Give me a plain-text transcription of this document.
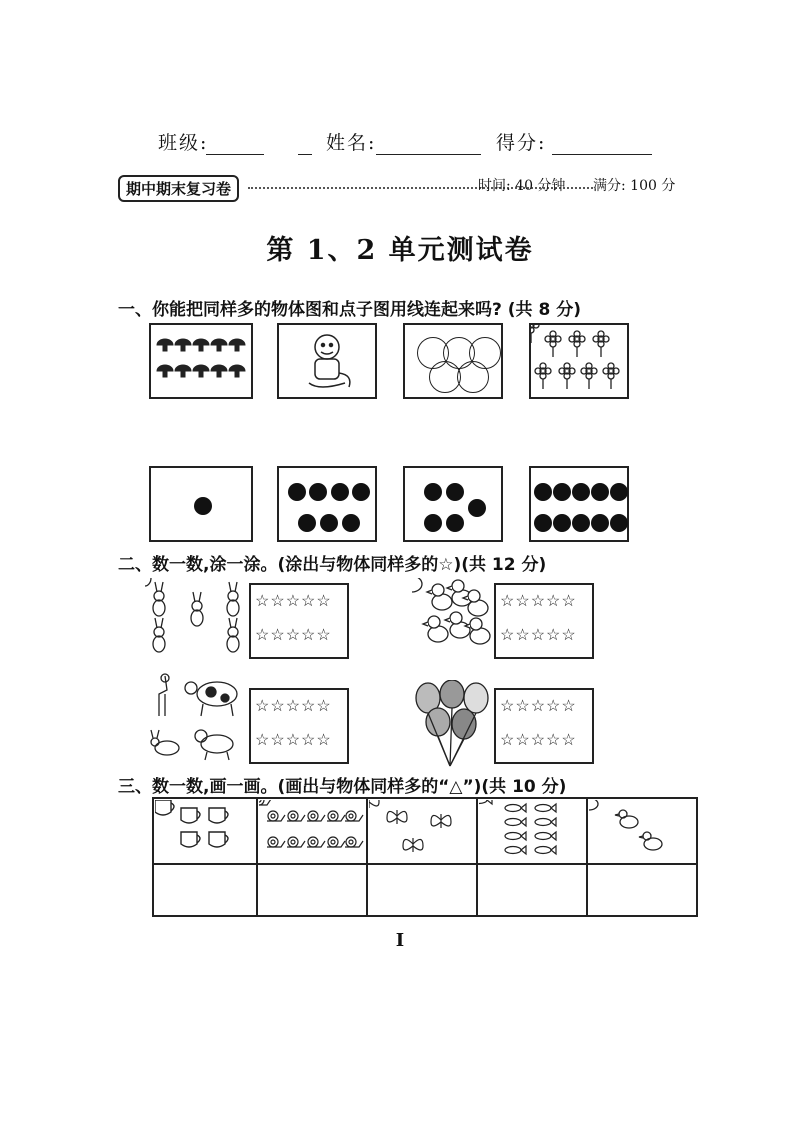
班级:	姓名:	得分:
期中期末复习卷	时间: 40 分钟 满分: 100 分
第 1、2 单元测试卷
一、你能把同样多的物体图和点子图用线连起来吗? (共 8 分)
二、数一数,涂一涂。(涂出与物体同样多的☆)(共 12 分)
☆☆☆☆☆
☆☆☆☆☆
☆☆☆☆☆
☆☆☆☆☆
☆☆☆☆☆
☆☆☆☆☆
☆☆☆☆☆
☆☆☆☆☆
三、数一数,画一画。(画出与物体同样多的“△”)(共 10 分)

I
